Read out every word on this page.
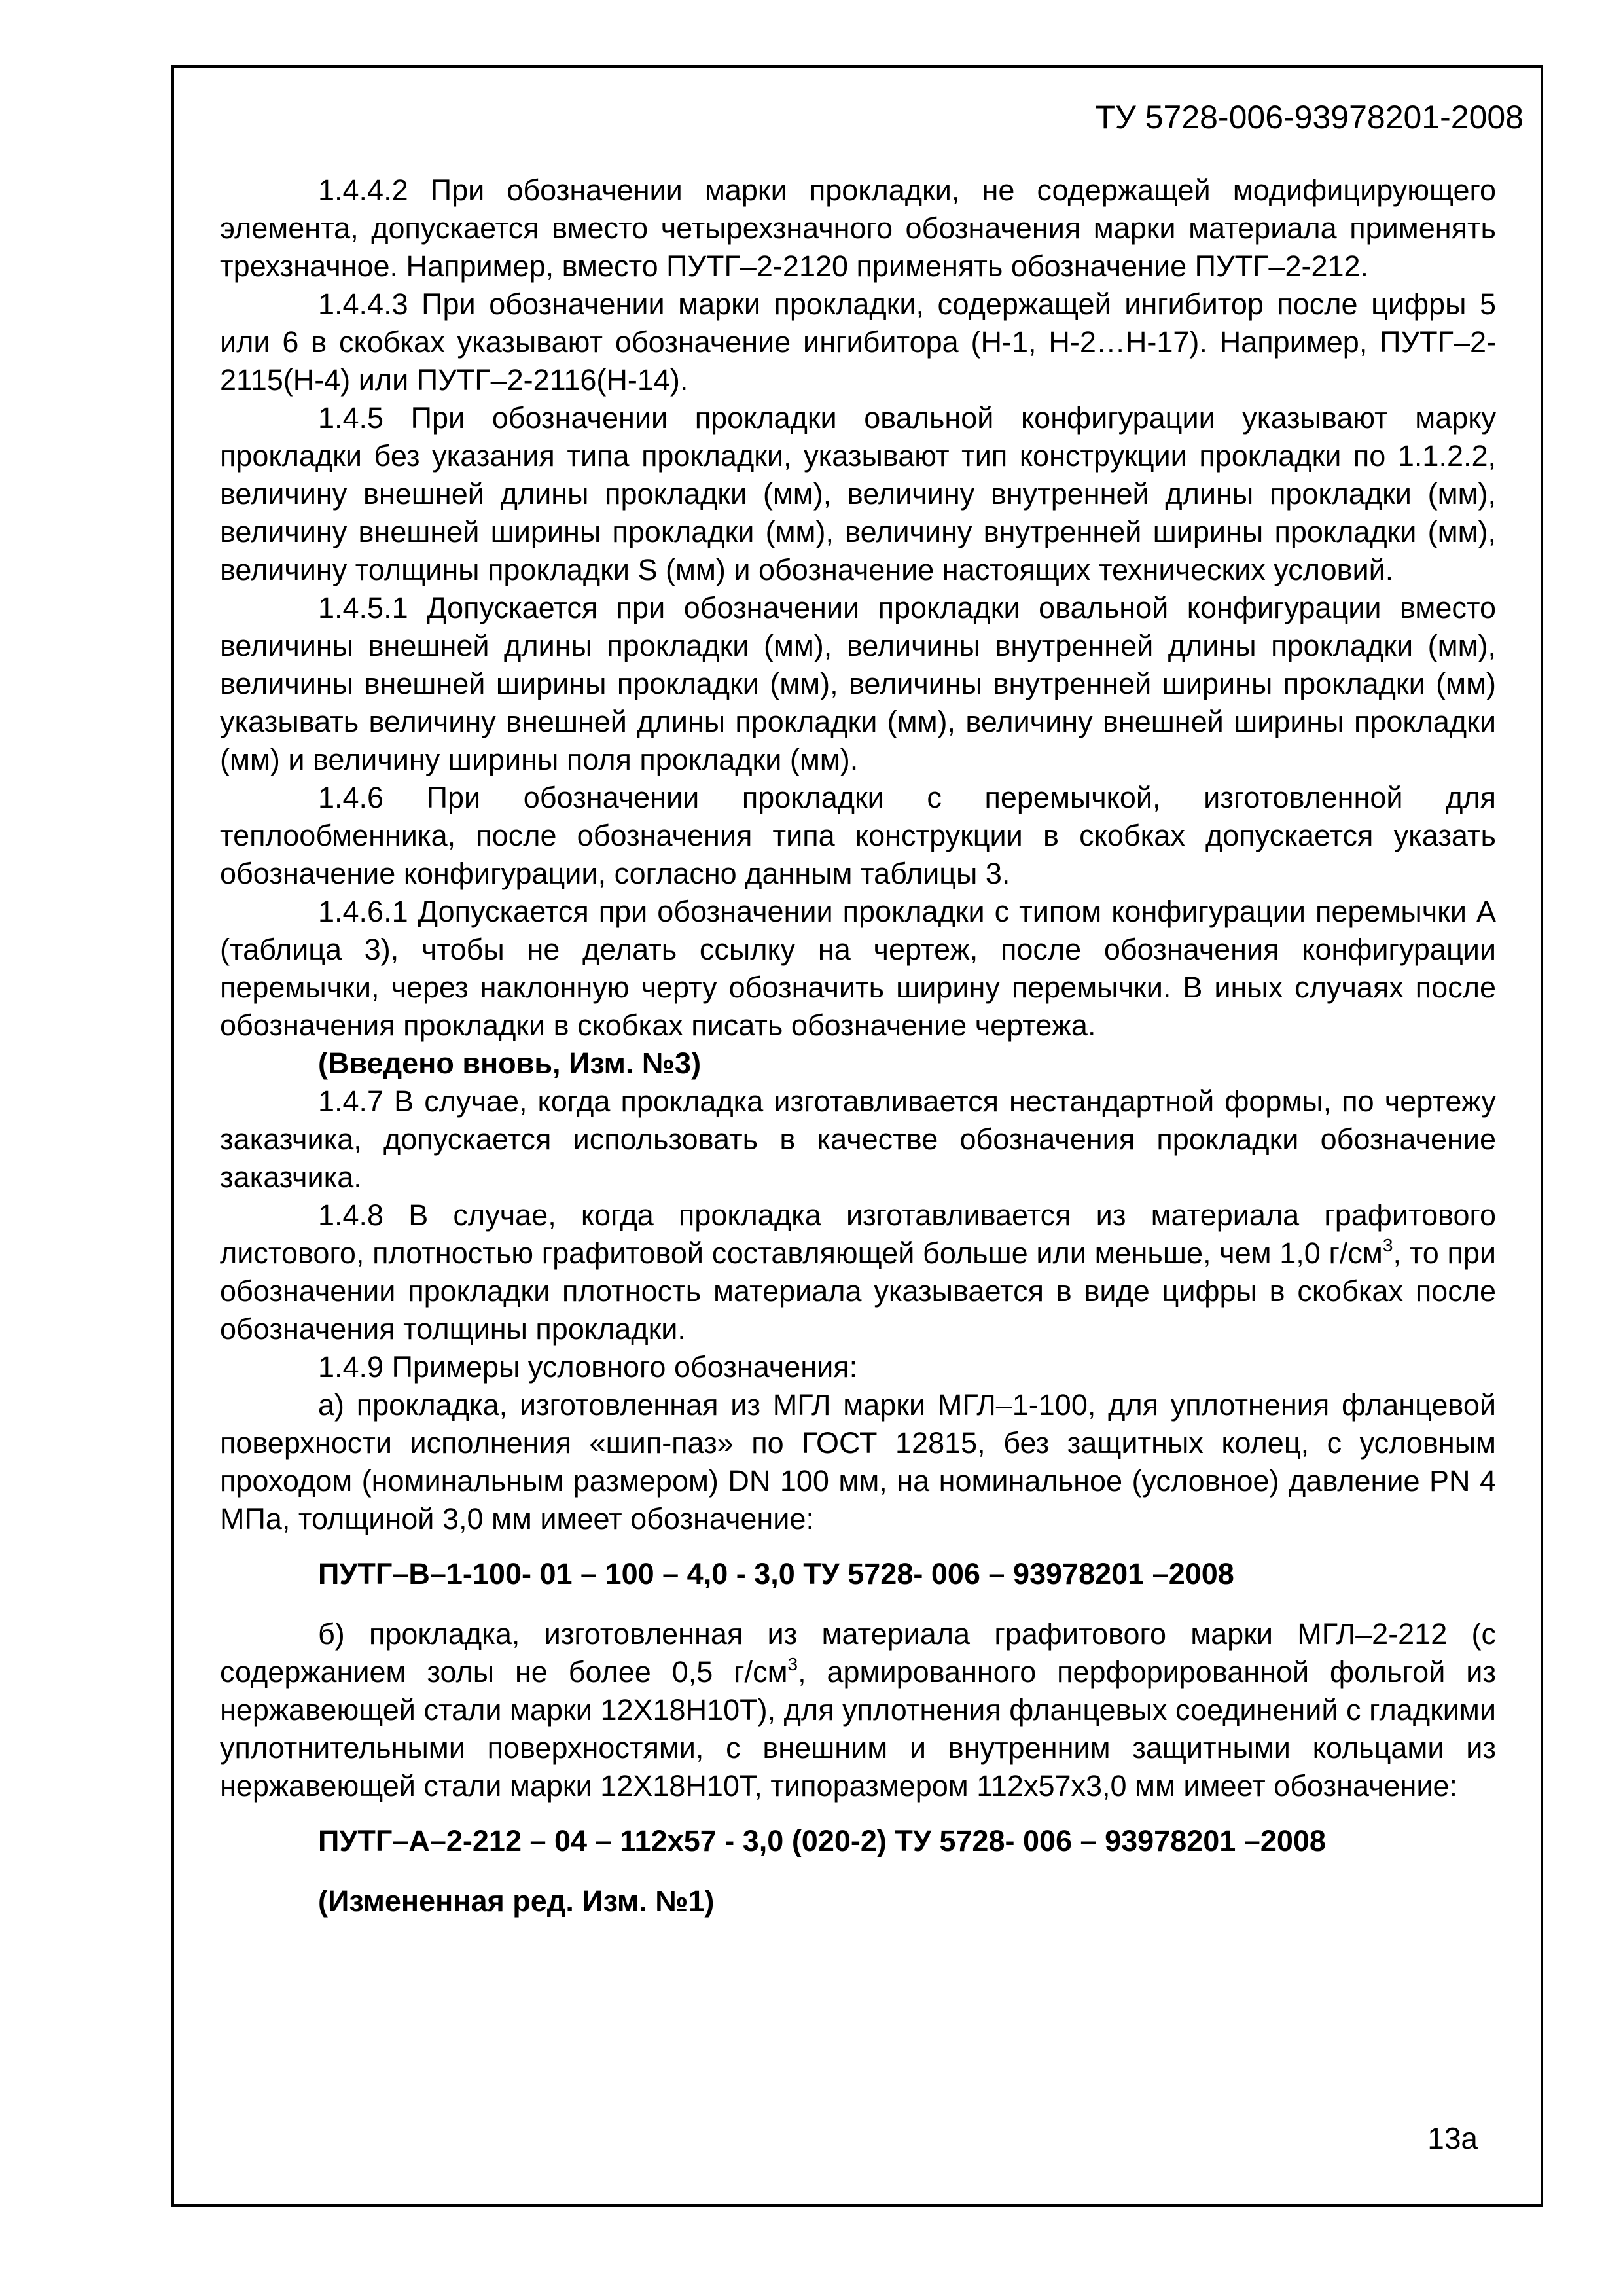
ТУ 5728-006-93978201-2008

1.4.4.2 При обозначении марки прокладки, не содержащей модифицирующего элемента, допускается вместо четырехзначного обозначения марки материала применять трехзначное. Например, вместо ПУТГ–2-2120 применять обозначение ПУТГ–2-212.

1.4.4.3 При обозначении марки прокладки, содержащей ингибитор после цифры 5 или 6 в скобках указывают обозначение ингибитора (Н-1, Н-2…Н-17). Например, ПУТГ–2-2115(Н-4) или ПУТГ–2-2116(Н-14).

1.4.5 При обозначении прокладки овальной конфигурации указывают марку прокладки без указания типа прокладки, указывают тип конструкции прокладки по 1.1.2.2, величину внешней длины прокладки (мм), величину внутренней длины прокладки (мм), величину внешней ширины прокладки (мм), величину внутренней ширины прокладки (мм), величину толщины прокладки S (мм) и обозначение настоящих технических условий.

1.4.5.1 Допускается при обозначении прокладки овальной конфигурации вместо величины внешней длины прокладки (мм), величины внутренней длины прокладки (мм), величины внешней ширины прокладки (мм), величины внутренней ширины прокладки (мм) указывать величину внешней длины прокладки (мм), величину внешней ширины прокладки (мм) и величину ширины поля прокладки (мм).

1.4.6 При обозначении прокладки с перемычкой, изготовленной для теплообменника, после обозначения типа конструкции в скобках допускается указать обозначение конфигурации, согласно данным таблицы 3.

1.4.6.1 Допускается при обозначении прокладки с типом конфигурации перемычки А (таблица 3), чтобы не делать ссылку на чертеж, после обозначения конфигурации перемычки, через наклонную черту обозначить ширину перемычки. В иных случаях после обозначения прокладки в скобках писать обозначение чертежа.

(Введено вновь, Изм. №3)

1.4.7 В случае, когда прокладка изготавливается нестандартной формы, по чертежу заказчика, допускается использовать в качестве обозначения прокладки обозначение заказчика.

1.4.8 В случае, когда прокладка изготавливается из материала графитового листового, плотностью графитовой составляющей больше или меньше, чем 1,0 $г/см^3$, то при обозначении прокладки плотность материала указывается в виде цифры в скобках после обозначения толщины прокладки.

1.4.9 Примеры условного обозначения:

а) прокладка, изготовленная из МГЛ марки МГЛ–1-100, для уплотнения фланцевой поверхности исполнения «шип-паз» по ГОСТ 12815, без защитных колец, с условным проходом (номинальным размером) DN 100 мм, на номинальное (условное) давление PN 4 МПа, толщиной 3,0 мм имеет обозначение:

ПУТГ–В–1-100- 01 – 100 – 4,0 - 3,0 ТУ 5728- 006 – 93978201 –2008

б) прокладка, изготовленная из материала графитового марки МГЛ–2-212 (с содержанием золы не более 0,5 $г/см^3$, армированного перфорированной фольгой из нержавеющей стали марки 12Х18Н10Т), для уплотнения фланцевых соединений с гладкими уплотнительными поверхностями, с внешним и внутренним защитными кольцами из нержавеющей стали марки 12Х18Н10Т, типоразмером 112х57х3,0 мм имеет обозначение:

ПУТГ–А–2-212 – 04 – 112х57 - 3,0 (020-2) ТУ 5728- 006 – 93978201 –2008

(Измененная ред. Изм. №1)

13а
